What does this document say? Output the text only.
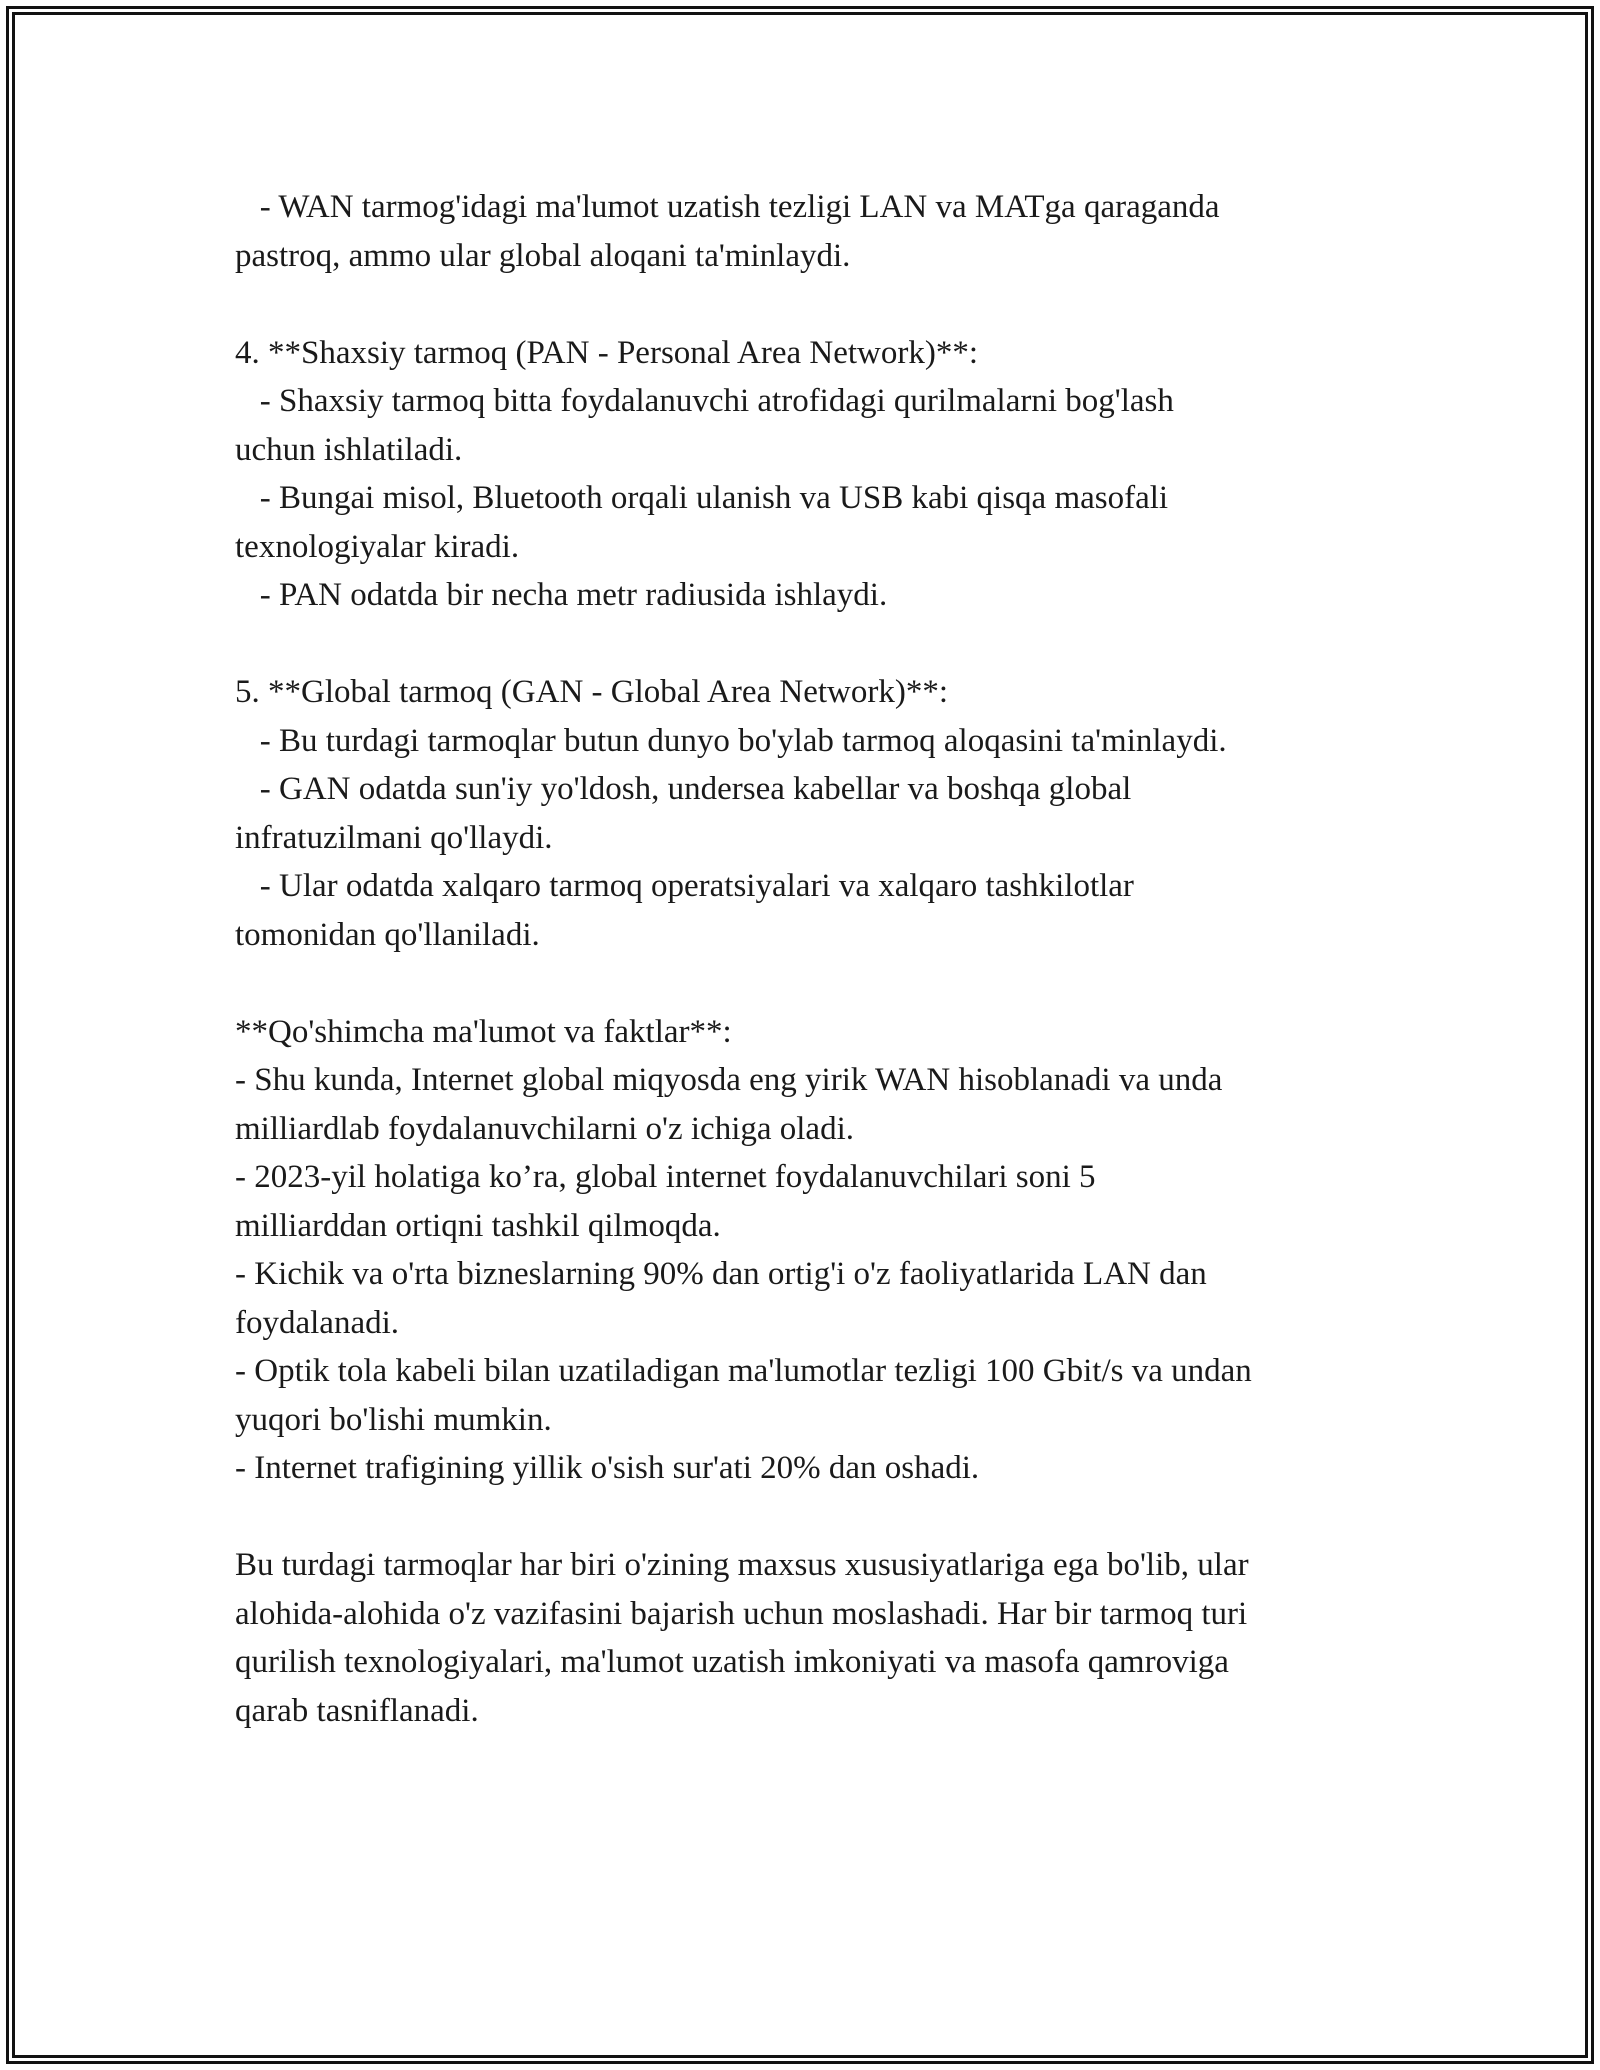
- WAN tarmog'idagi ma'lumot uzatish tezligi LAN va MATga qaraganda
pastroq, ammo ular global aloqani ta'minlaydi.
4. **Shaxsiy tarmoq (PAN - Personal Area Network)**:
- Shaxsiy tarmoq bitta foydalanuvchi atrofidagi qurilmalarni bog'lash
uchun ishlatiladi.
- Bungai misol, Bluetooth orqali ulanish va USB kabi qisqa masofali
texnologiyalar kiradi.
- PAN odatda bir necha metr radiusida ishlaydi.
5. **Global tarmoq (GAN - Global Area Network)**:
- Bu turdagi tarmoqlar butun dunyo bo'ylab tarmoq aloqasini ta'minlaydi.
- GAN odatda sun'iy yo'ldosh, undersea kabellar va boshqa global
infratuzilmani qo'llaydi.
- Ular odatda xalqaro tarmoq operatsiyalari va xalqaro tashkilotlar
tomonidan qo'llaniladi.
**Qo'shimcha ma'lumot va faktlar**:
- Shu kunda, Internet global miqyosda eng yirik WAN hisoblanadi va unda
milliardlab foydalanuvchilarni o'z ichiga oladi.
- 2023-yil holatiga ko’ra, global internet foydalanuvchilari soni 5
milliarddan ortiqni tashkil qilmoqda.
- Kichik va o'rta bizneslarning 90% dan ortig'i o'z faoliyatlarida LAN dan
foydalanadi.
- Optik tola kabeli bilan uzatiladigan ma'lumotlar tezligi 100 Gbit/s va undan
yuqori bo'lishi mumkin.
- Internet trafigining yillik o'sish sur'ati 20% dan oshadi.
Bu turdagi tarmoqlar har biri o'zining maxsus xususiyatlariga ega bo'lib, ular
alohida-alohida o'z vazifasini bajarish uchun moslashadi. Har bir tarmoq turi
qurilish texnologiyalari, ma'lumot uzatish imkoniyati va masofa qamroviga
qarab tasniflanadi.
